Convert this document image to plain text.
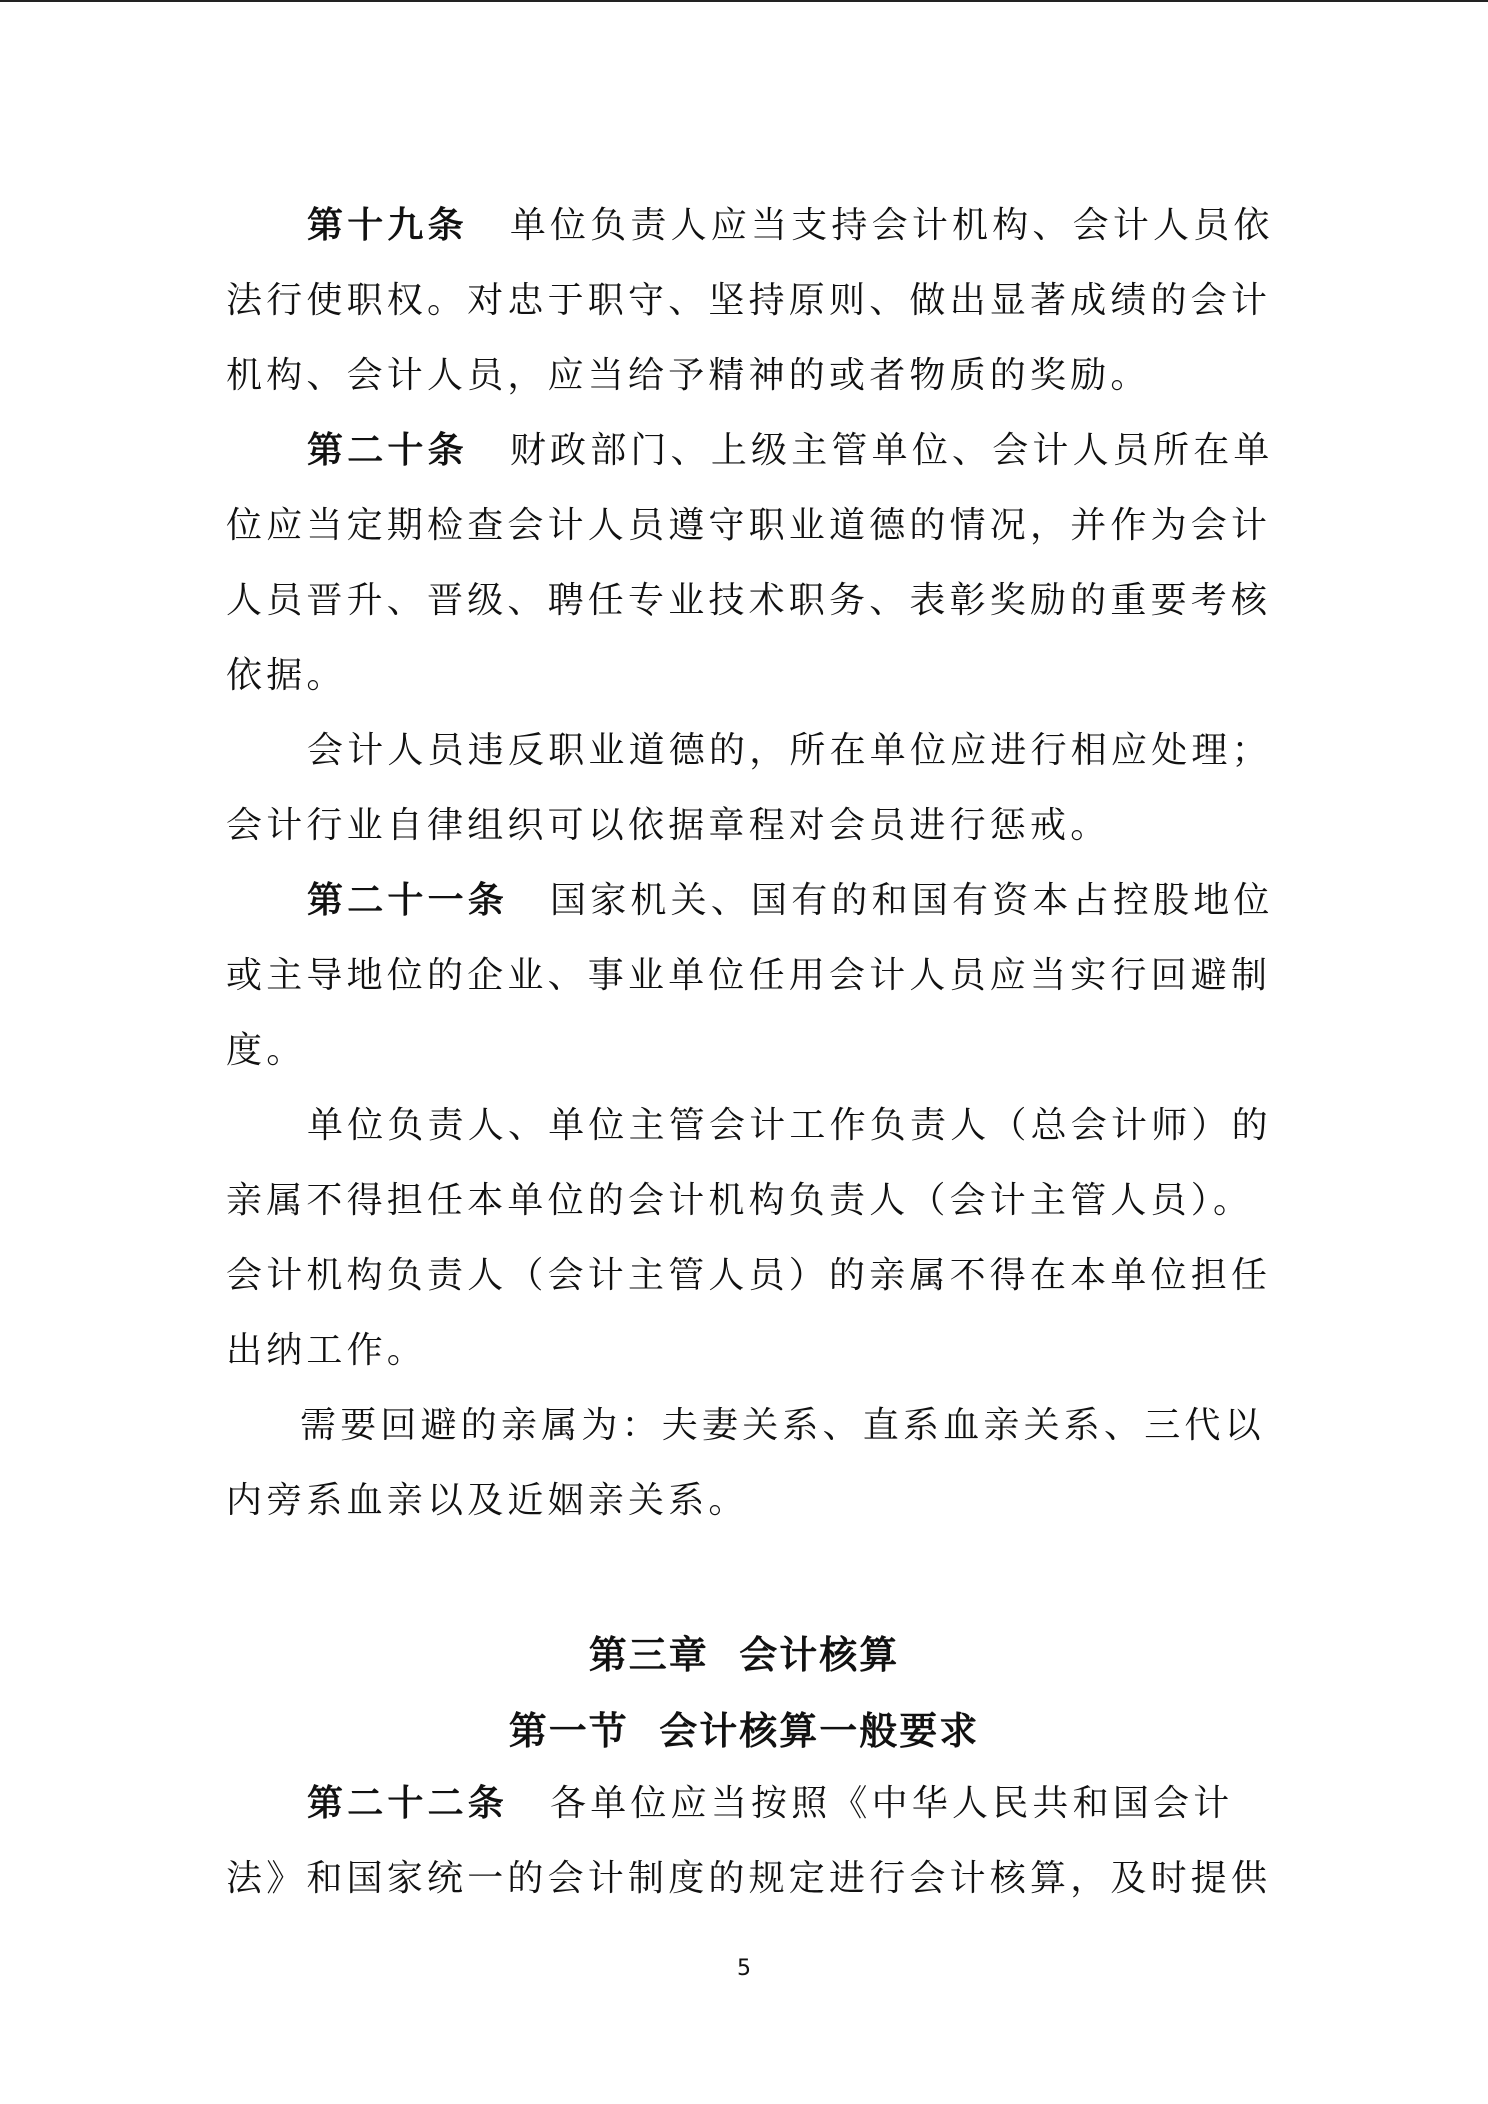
第十九条 单位负责人应当支持会计机构、会计人员依
法行使职权。对忠于职守、坚持原则、做出显著成绩的会计
机构、会计人员，应当给予精神的或者物质的奖励。
第二十条 财政部门、上级主管单位、会计人员所在单
位应当定期检查会计人员遵守职业道德的情况，并作为会计
人员晋升、晋级、聘任专业技术职务、表彰奖励的重要考核
依据。
会计人员违反职业道德的，所在单位应进行相应处理；
会计行业自律组织可以依据章程对会员进行惩戒。
第二十一条 国家机关、国有的和国有资本占控股地位
或主导地位的企业、事业单位任用会计人员应当实行回避制
度。
单位负责人、单位主管会计工作负责人（总会计师）的
亲属不得担任本单位的会计机构负责人（会计主管人员）。
会计机构负责人（会计主管人员）的亲属不得在本单位担任
出纳工作。
需要回避的亲属为：夫妻关系、直系血亲关系、三代以
内旁系血亲以及近姻亲关系。
第三章  会计核算
第一节  会计核算一般要求
第二十二条 各单位应当按照《中华人民共和国会计
法》和国家统一的会计制度的规定进行会计核算，及时提供
5
